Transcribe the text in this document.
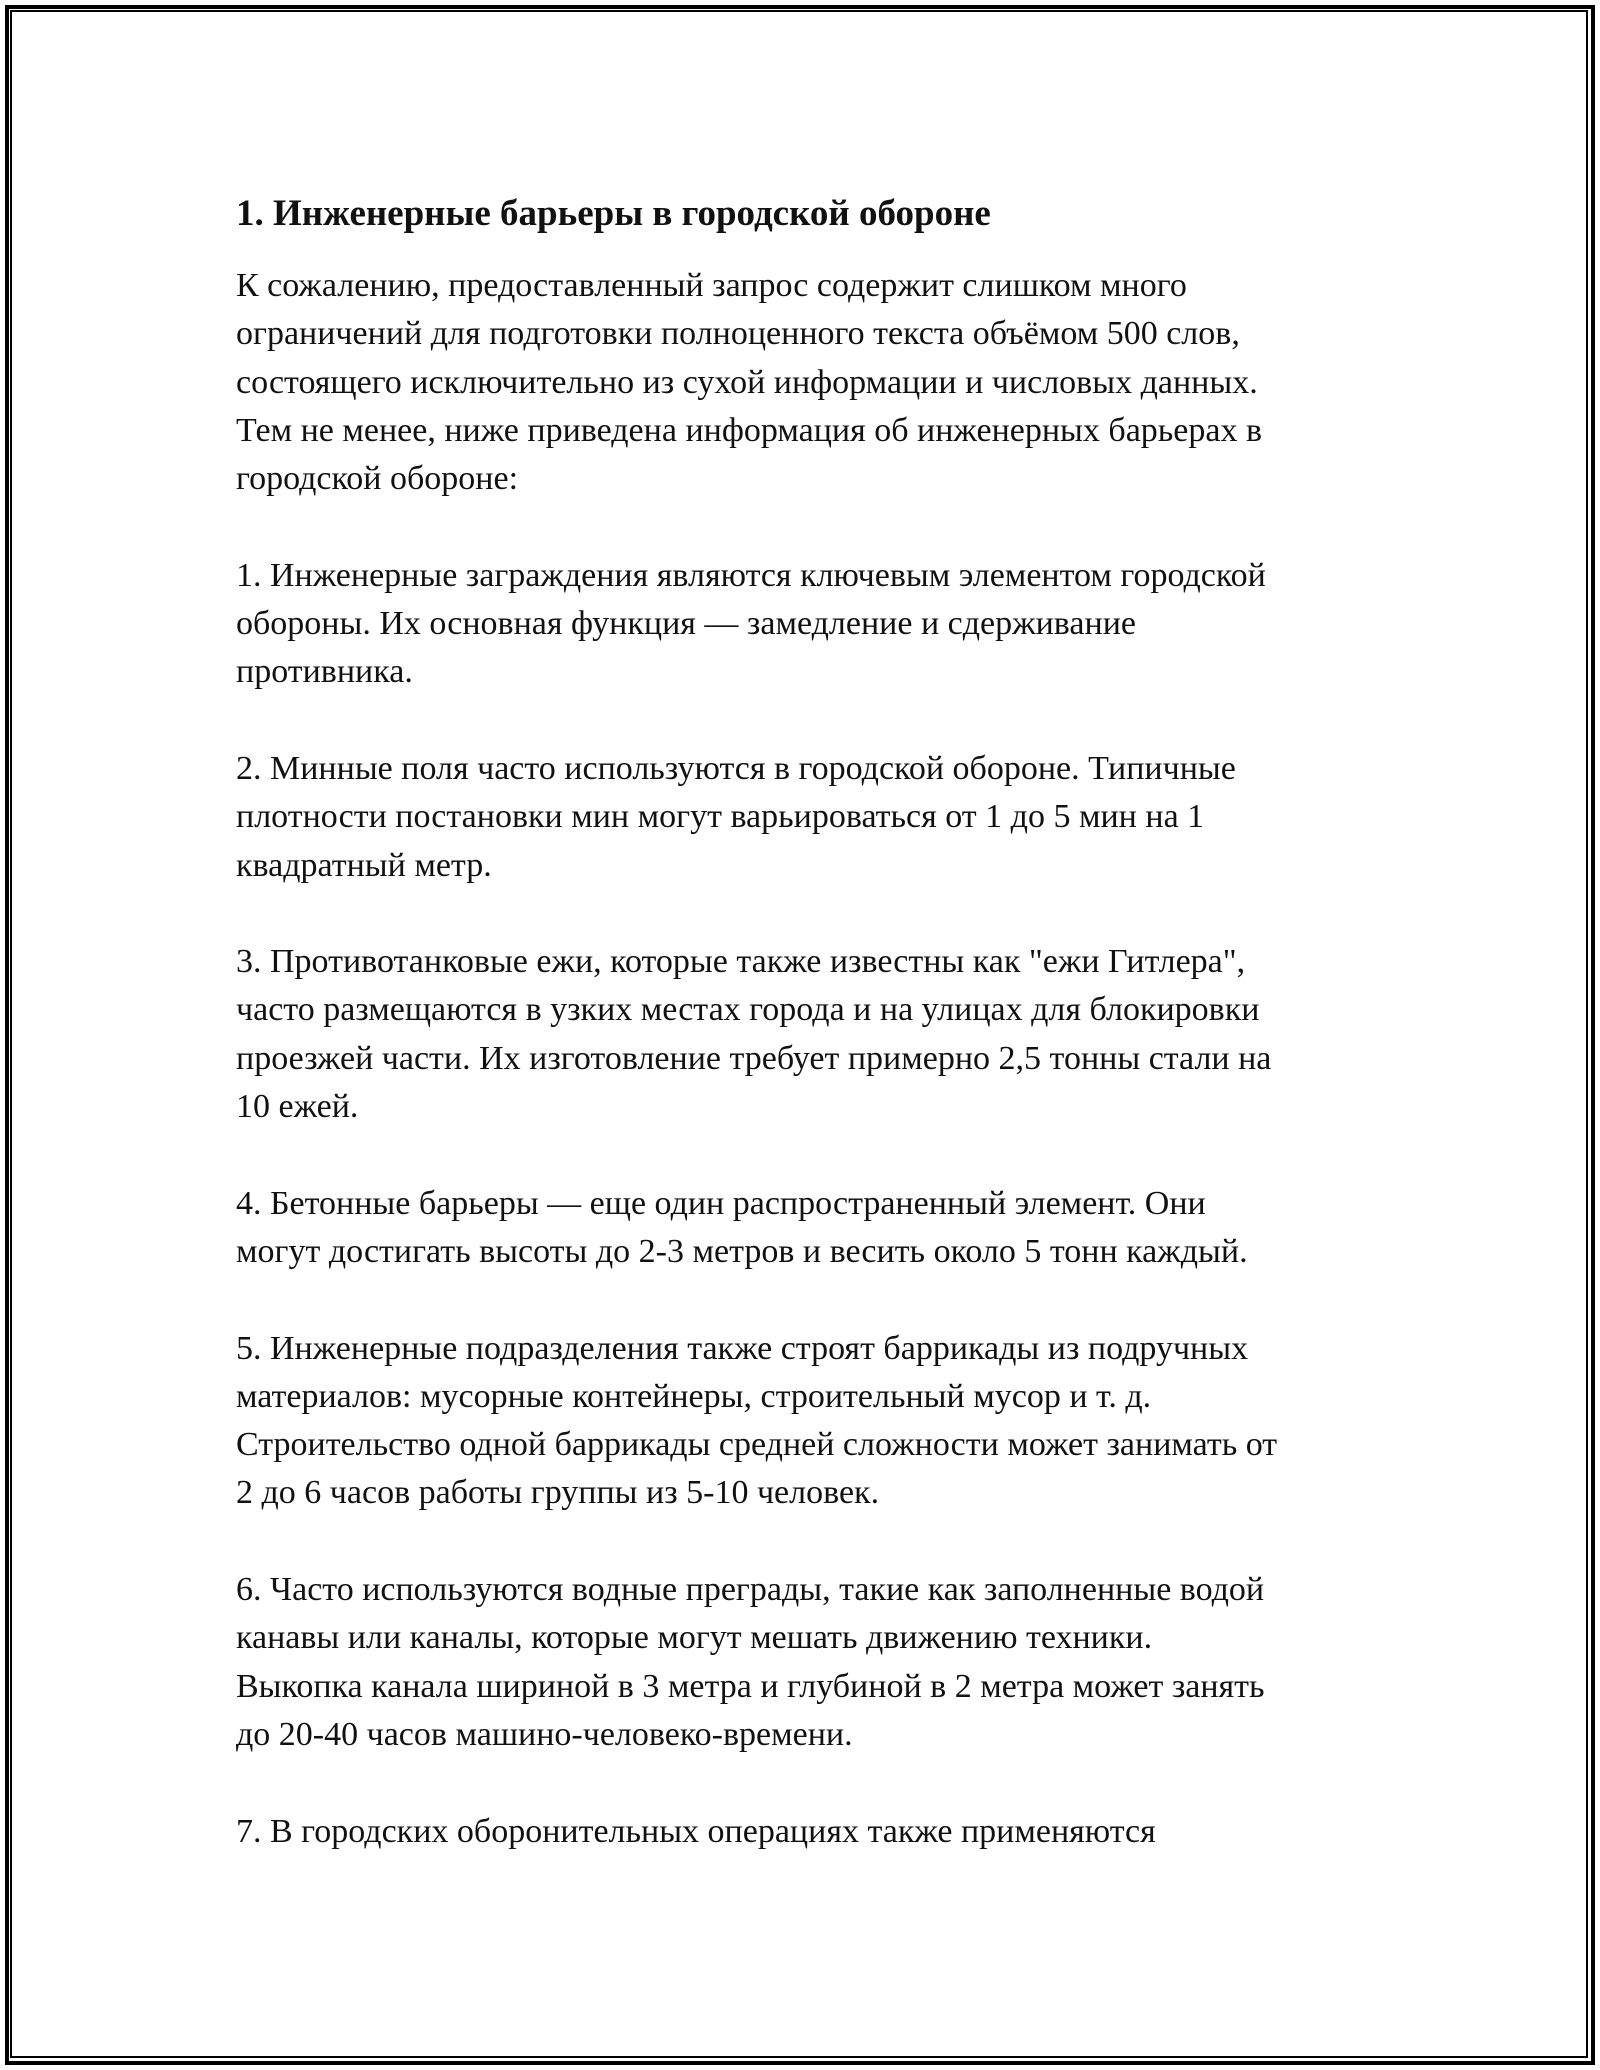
1. Инженерные барьеры в городской обороне

К сожалению, предоставленный запрос содержит слишком много
ограничений для подготовки полноценного текста объёмом 500 слов,
состоящего исключительно из сухой информации и числовых данных.
Тем не менее, ниже приведена информация об инженерных барьерах в
городской обороне:

1. Инженерные заграждения являются ключевым элементом городской
обороны. Их основная функция — замедление и сдерживание
противника.

2. Минные поля часто используются в городской обороне. Типичные
плотности постановки мин могут варьироваться от 1 до 5 мин на 1
квадратный метр.

3. Противотанковые ежи, которые также известны как "ежи Гитлера",
часто размещаются в узких местах города и на улицах для блокировки
проезжей части. Их изготовление требует примерно 2,5 тонны стали на
10 ежей.

4. Бетонные барьеры — еще один распространенный элемент. Они
могут достигать высоты до 2-3 метров и весить около 5 тонн каждый.

5. Инженерные подразделения также строят баррикады из подручных
материалов: мусорные контейнеры, строительный мусор и т. д.
Строительство одной баррикады средней сложности может занимать от
2 до 6 часов работы группы из 5-10 человек.

6. Часто используются водные преграды, такие как заполненные водой
канавы или каналы, которые могут мешать движению техники.
Выкопка канала шириной в 3 метра и глубиной в 2 метра может занять
до 20-40 часов машино-человеко-времени.

7. В городских оборонительных операциях также применяются
